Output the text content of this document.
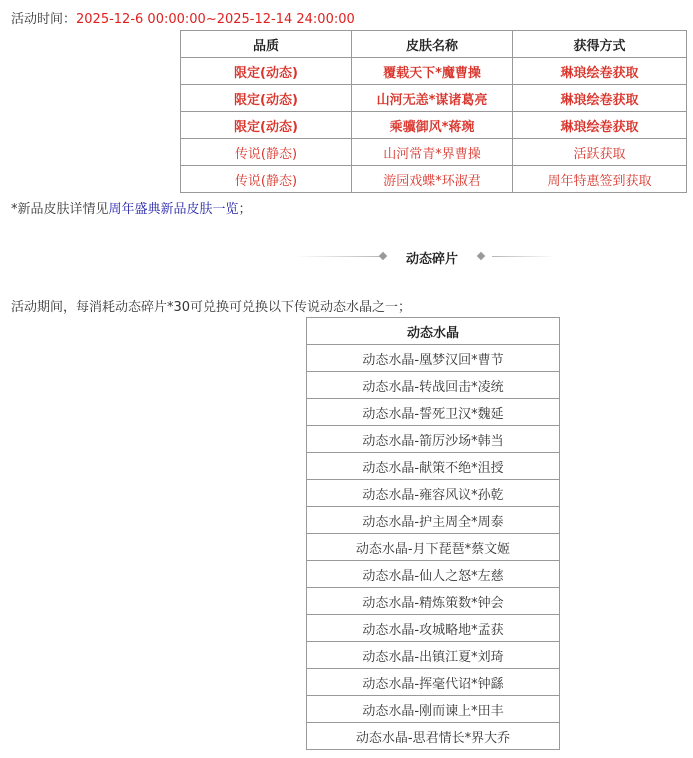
活动时间：2025-12-6 00:00:00~2025-12-14 24:00:00
品质	皮肤名称	获得方式
限定(动态)	覆载天下*魔曹操	琳琅绘卷获取
限定(动态)	山河无恙*谋诸葛亮	琳琅绘卷获取
限定(动态)	乘骥御风*蒋琬	琳琅绘卷获取
传说(静态)	山河常青*界曹操	活跃获取
传说(静态)	游园戏蝶*环淑君	周年特惠签到获取
*新品皮肤详情见周年盛典新品皮肤一览；
动态碎片
活动期间，每消耗动态碎片*30可兑换可兑换以下传说动态水晶之一；
动态水晶
动态水晶-凰梦汉回*曹节
动态水晶-转战回击*凌统
动态水晶-誓死卫汉*魏延
动态水晶-箭厉沙场*韩当
动态水晶-献策不绝*沮授
动态水晶-雍容风议*孙乾
动态水晶-护主周全*周泰
动态水晶-月下琵琶*蔡文姬
动态水晶-仙人之怒*左慈
动态水晶-精炼策数*钟会
动态水晶-攻城略地*孟获
动态水晶-出镇江夏*刘琦
动态水晶-挥毫代诏*钟繇
动态水晶-刚而谏上*田丰
动态水晶-思君情长*界大乔
